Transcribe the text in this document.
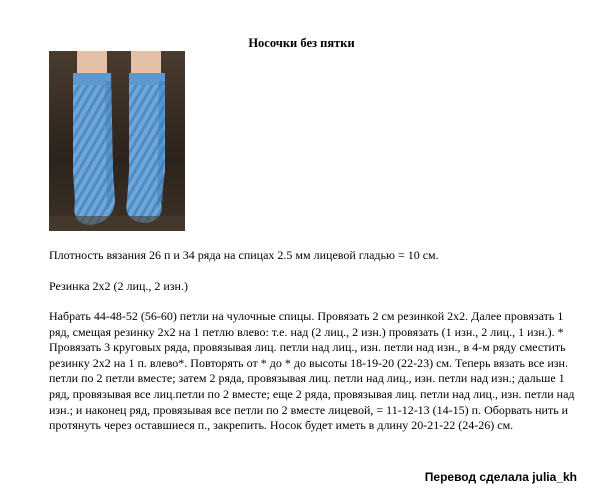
Носочки без пятки

Плотность вязания 26 п и 34 ряда на спицах 2.5 мм лицевой гладью = 10 см.

Резинка 2х2 (2 лиц., 2 изн.)

Набрать 44-48-52 (56-60) петли на чулочные спицы. Провязать 2 см резинкой 2х2. Далее провязать 1 ряд, смещая резинку 2х2 на 1 петлю влево: т.е. над (2 лиц., 2 изн.) провязать (1 изн., 2 лиц., 1 изн.). * Провязать 3 круговых ряда, провязывая лиц. петли над лиц., изн. петли над изн., в 4-м ряду сместить резинку 2х2 на 1 п. влево*. Повторять от * до * до высоты 18-19-20 (22-23) см. Теперь вязать все изн. петли по 2 петли вместе; затем 2 ряда, провязывая лиц. петли над лиц., изн. петли над изн.; дальше 1 ряд, провязывая все лиц.петли по 2 вместе; еще 2 ряда, провязывая лиц. петли над лиц., изн. петли над изн.; и наконец ряд, провязывая все петли по 2 вместе лицевой, = 11-12-13 (14-15) п. Оборвать нить и протянуть через оставшиеся п., закрепить. Носок будет иметь в длину 20-21-22 (24-26) см.

Перевод сделала julia_kh
